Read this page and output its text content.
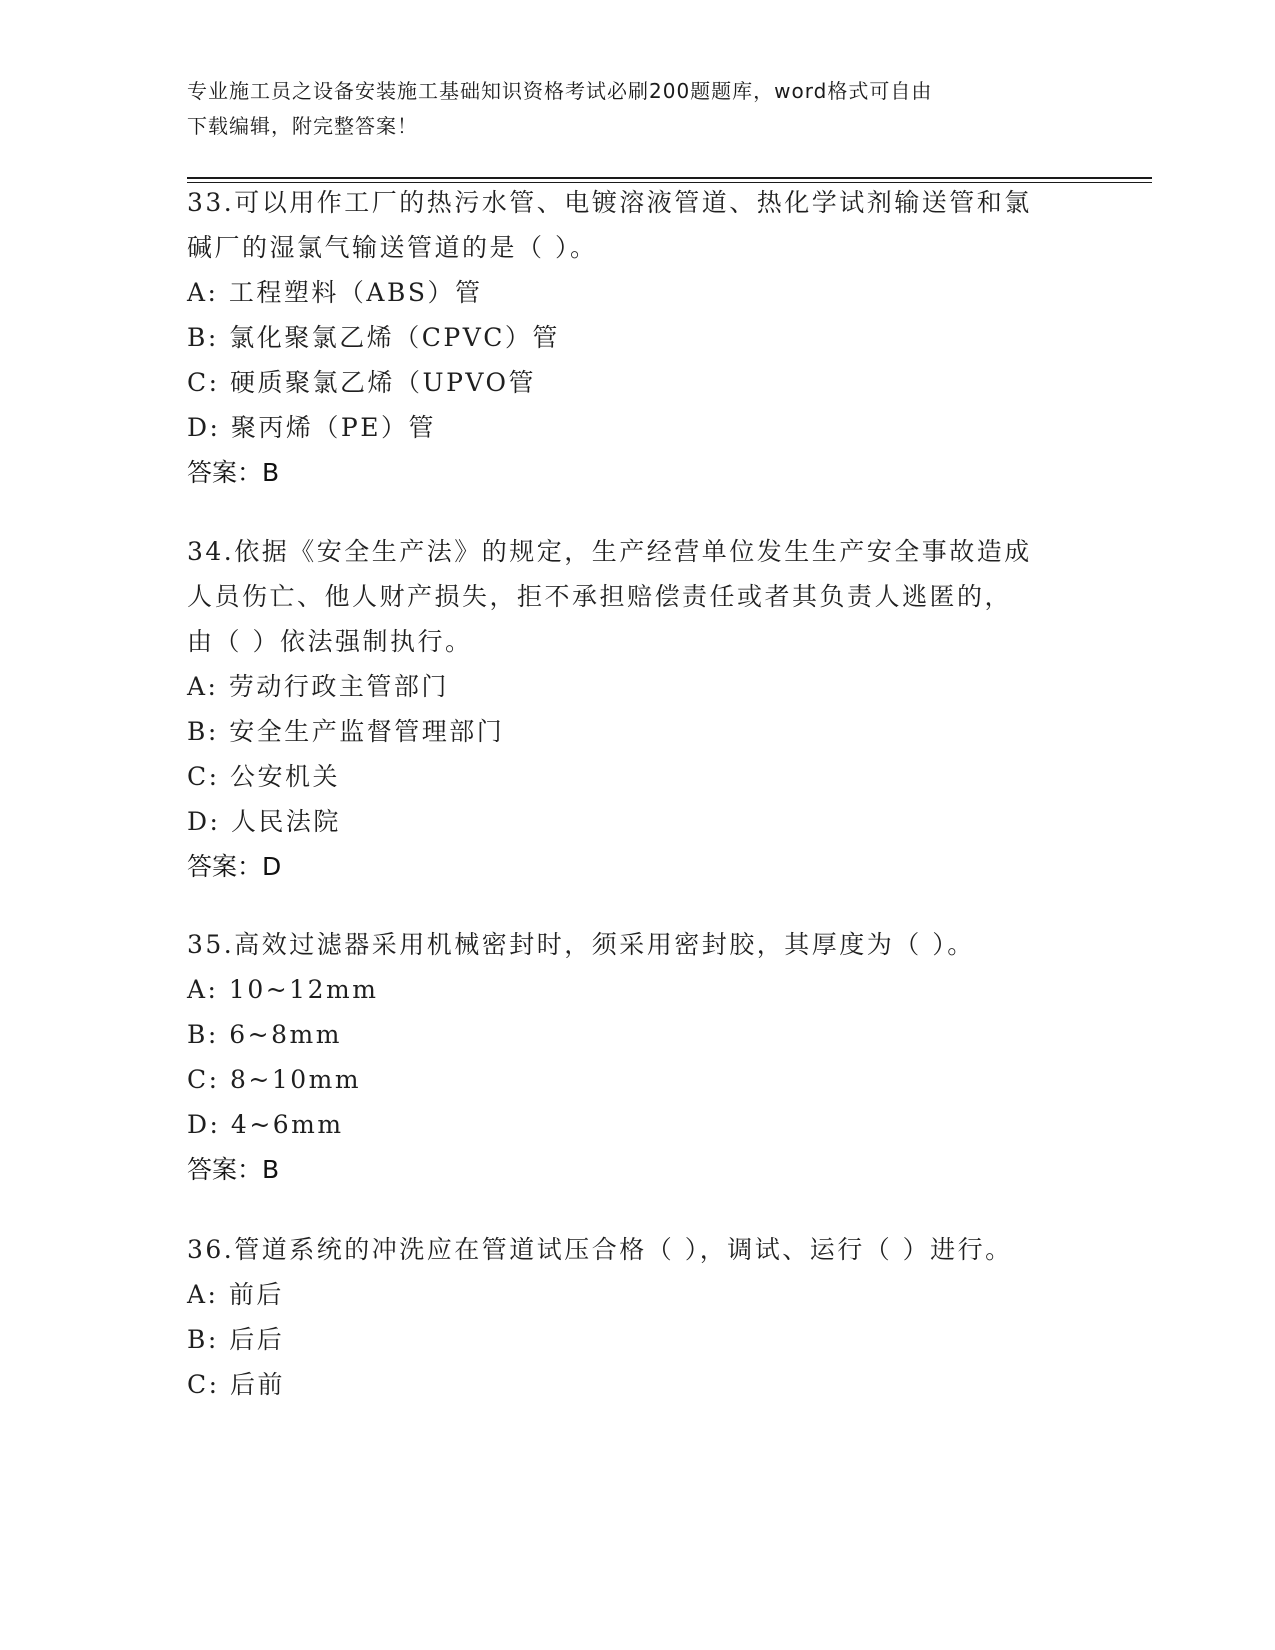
专业施工员之设备安装施工基础知识资格考试必刷200题题库，word格式可自由
下载编辑，附完整答案！

33.可以用作工厂的热污水管、电镀溶液管道、热化学试剂输送管和氯

碱厂的湿氯气输送管道的是（ ）。

A: 工程塑料（ABS）管

B: 氯化聚氯乙烯（CPVC）管

C: 硬质聚氯乙烯（UPVO管

D: 聚丙烯（PE）管

答案：B

34.依据《安全生产法》的规定，生产经营单位发生生产安全事故造成

人员伤亡、他人财产损失，拒不承担赔偿责任或者其负责人逃匿的，

由（ ）依法强制执行。

A: 劳动行政主管部门

B: 安全生产监督管理部门

C: 公安机关

D: 人民法院

答案：D

35.高效过滤器采用机械密封时，须采用密封胶，其厚度为（ ）。

A: 10~12mm

B: 6~8mm

C: 8~10mm

D: 4~6mm

答案：B

36.管道系统的冲洗应在管道试压合格（ ），调试、运行（ ）进行。

A: 前后

B: 后后

C: 后前
